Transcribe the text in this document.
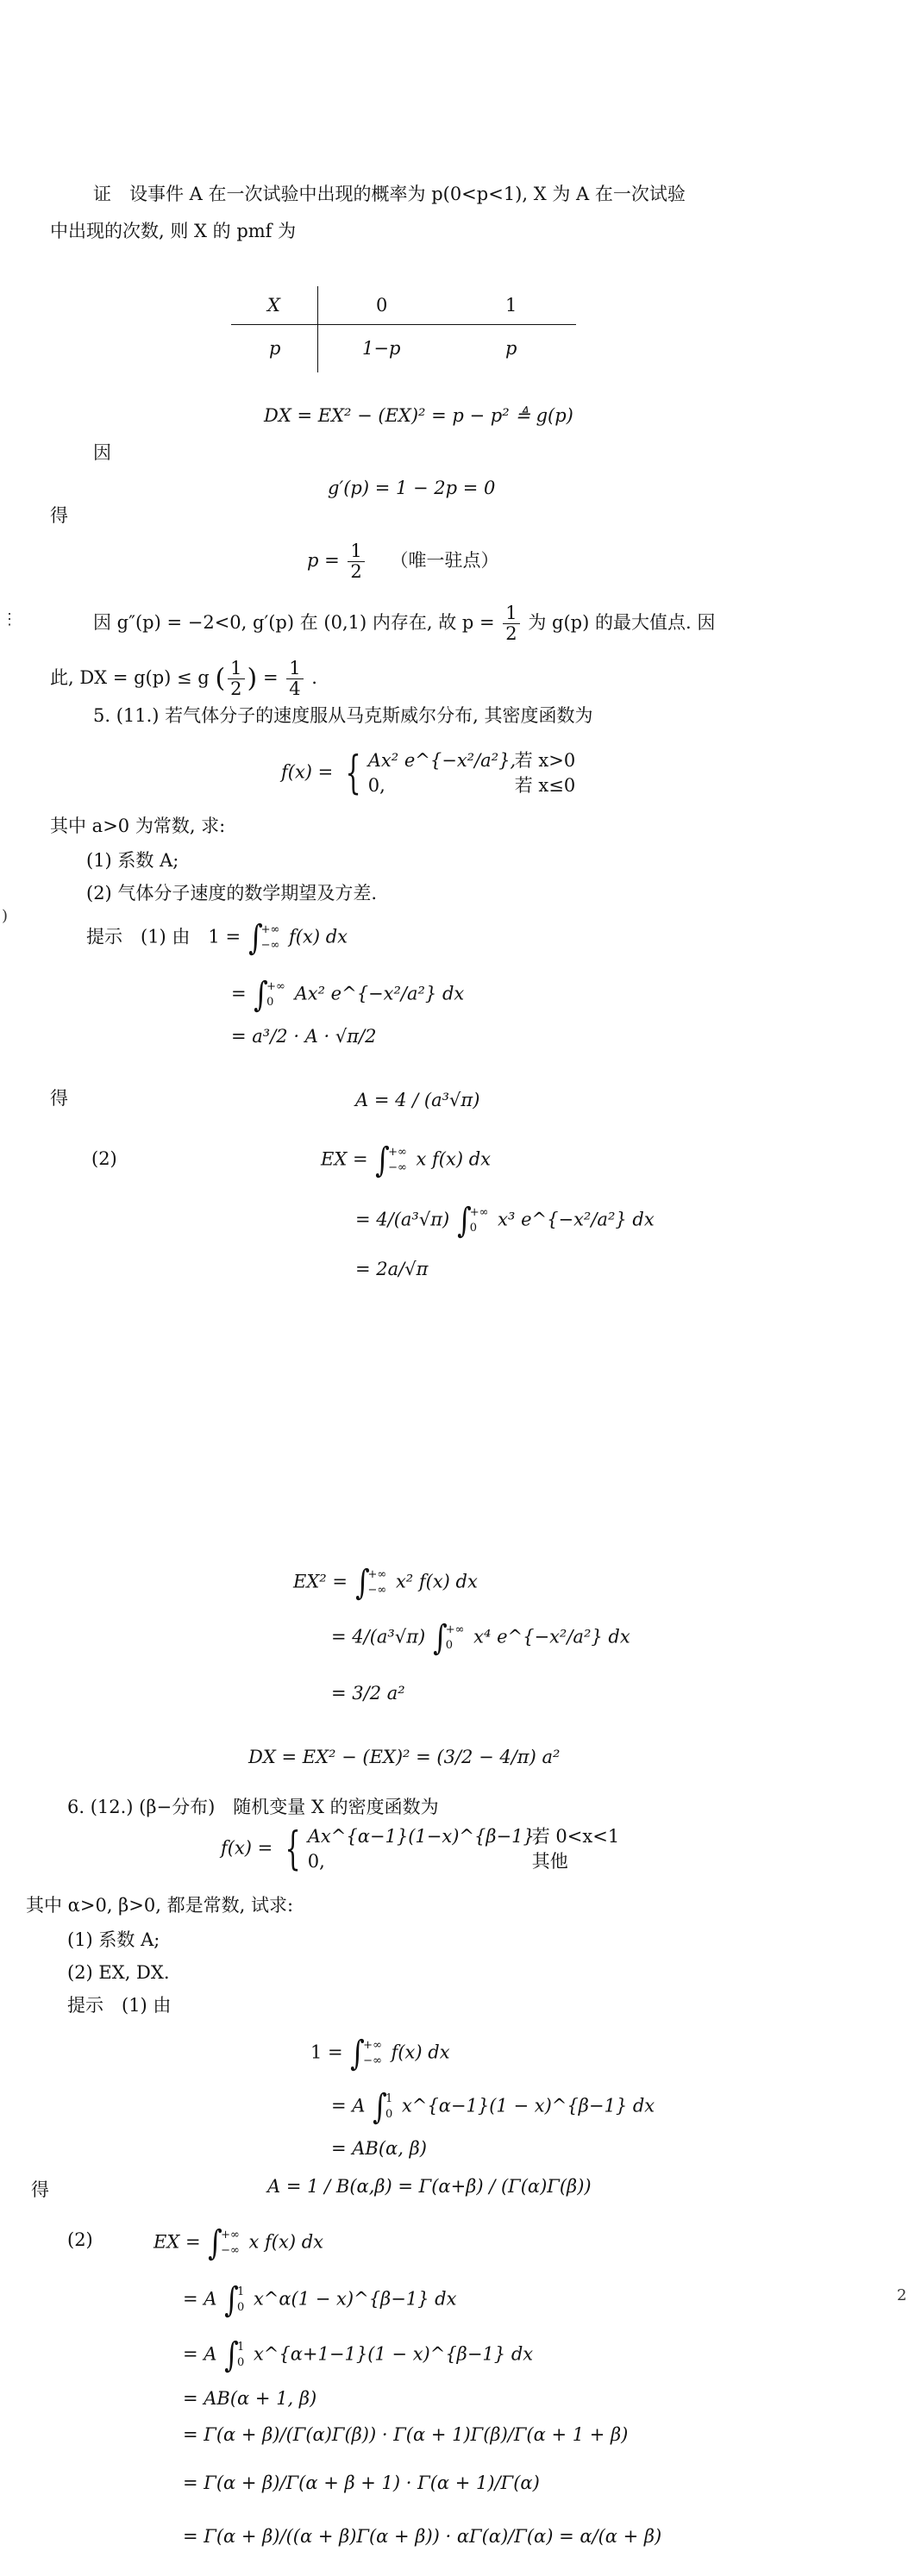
证　设事件 A 在一次试验中出现的概率为 p(0<p<1), X 为 A 在一次试验
中出现的次数, 则 X 的 pmf 为
X	0	1
p	1−p	p
DX = EX² − (EX)² = p − p² ≜ g(p)
因
g′(p) = 1 − 2p = 0
得
$p = \frac{1}{2}$ （唯一驻点）
因 g″(p) = −2<0, g′(p) 在 (0,1) 内存在, 故 $p = \frac{1}{2}$ 为 g(p) 的最大值点. 因
此, DX = g(p) ≤ g ( $\frac{1}{2}$ ) = $\frac{1}{4}$ .
5. (11.) 若气体分子的速度服从马克斯威尔分布, 其密度函数为
f(x) = { Ax² e^{−x²/a²},若 x>0
0,	若 x≤0
其中 a>0 为常数, 求:
(1) 系数 A;
(2) 气体分子速度的数学期望及方差.
提示　(1) 由　1 = ∫
+∞
−∞ f(x) dx
= ∫
+∞
0	Ax² e^{−x²/a²} dx
= a³/2 · A · √π/2
得	A = 4 / (a³√π)
(2)	EX = ∫
+∞
−∞ x f(x) dx
= 4/(a³√π) ∫
+∞
0	x³ e^{−x²/a²} dx
= 2a/√π
EX² = ∫
+∞
−∞ x² f(x) dx
= 4/(a³√π) ∫
+∞
0	x⁴ e^{−x²/a²} dx
= 3/2 a²
DX = EX² − (EX)² = (3/2 − 4/π) a²
6. (12.) (β−分布)　随机变量 X 的密度函数为
f(x) = { Ax^{α−1}(1−x)^{β−1},若 0<x<1
0,	其他
其中 α>0, β>0, 都是常数, 试求:
(1) 系数 A;
(2) EX, DX.
提示　(1) 由
1 = ∫
+∞
−∞ f(x) dx
= A ∫
1
0 x^{α−1}(1 − x)^{β−1} dx
= AB(α, β)
得	A = 1 / B(α,β) = Γ(α+β) / (Γ(α)Γ(β))
(2)	EX = ∫
+∞
−∞ x f(x) dx
= A ∫
1
0 x^α(1 − x)^{β−1} dx
= A ∫
1
0 x^{α+1−1}(1 − x)^{β−1} dx
= AB(α + 1, β)
= Γ(α + β)/(Γ(α)Γ(β)) · Γ(α + 1)Γ(β)/Γ(α + 1 + β)
= Γ(α + β)/Γ(α + β + 1) · Γ(α + 1)/Γ(α)
= Γ(α + β)/((α + β)Γ(α + β)) · αΓ(α)/Γ(α) = α/(α + β)
⋮
)
2
